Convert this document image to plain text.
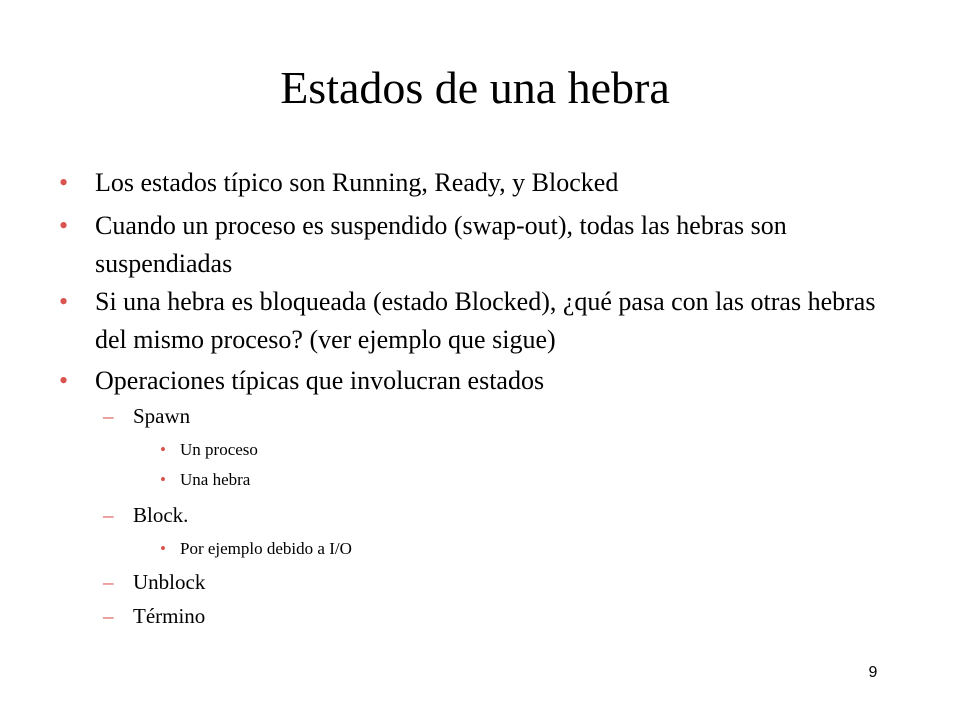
Estados de una hebra
• Los estados típico son Running, Ready, y Blocked
• Cuando un proceso es suspendido (swap-out), todas las hebras son suspendiadas
• Si una hebra es bloqueada (estado Blocked), ¿qué pasa con las otras hebras del mismo proceso? (ver ejemplo que sigue)
• Operaciones típicas que involucran estados
– Spawn
• Un proceso
• Una hebra
– Block.
• Por ejemplo debido a I/O
– Unblock
– Término
9
